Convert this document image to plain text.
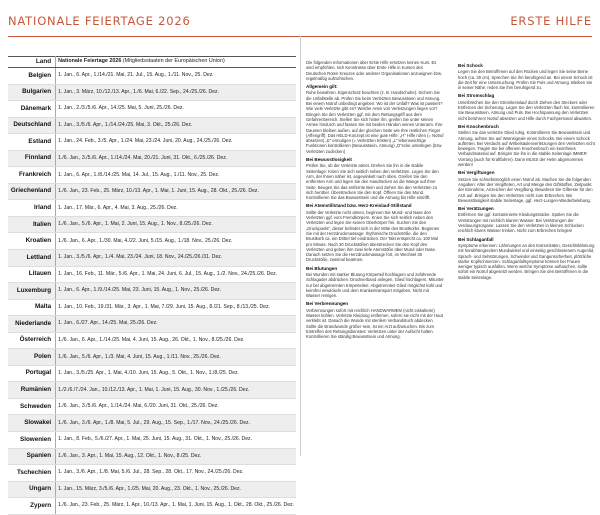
NATIONALE FEIERTAGE 2026	ERSTE HILFE
Land	Nationale Feiertage 2026 (Mitgliedsstaaten der Europäischen Union)
Belgien	1. Jan., 6. Apr., 1./14./21. Mai, 21. Jul., 15. Aug., 1./11. Nov., 25. Dez.
Bulgarien	1. Jan., 3. März, 10./12./13. Apr., 1./6. Mai, 6./22. Sep., 24./25./26. Dez.
Dänemark	1. Jan., 2./3./5./6. Apr., 14./25. Mai, 5. Juni, 25./26. Dez.
Deutschland	1. Jan., 3./5./6. Apr., 1./14./24./25. Mai, 3. Okt., 25./26. Dez.
Estland	1. Jan., 24. Feb., 3./5. Apr., 1./24. Mai, 23./24. Juni, 20. Aug., 24./25./26. Dez.
Finnland	1./6. Jan., 3./5./6. Apr., 1./14./24. Mai, 20./21. Juni, 31. Okt., 6./25./26. Dez.
Frankreich	1. Jan., 6. Apr., 1./8./14./25. Mai, 14. Jul., 15. Aug., 1./11. Nov., 25. Dez.
Griechenland	1./6. Jan., 23. Feb., 25. März, 10./13. Apr., 1. Mai, 1. Juni, 15. Aug., 28. Okt., 25./26. Dez.
Irland	1. Jan., 17. Mär., 6. Apr., 4. Mai, 3. Aug., 25./26. Dez.
Italien	1./6. Jan., 5./6. Apr., 1. Mai, 2. Juni, 15. Aug., 1. Nov., 8./25./26. Dez.
Kroatien	1./6. Jan., 6. Apr., 1./30. Mai, 4./22. Juni, 5./15. Aug., 1./18. Nov., 25./26. Dez.
Lettland	1. Jan., 3./5./6. Apr., 1./4. Mai, 23./24. Juni, 18. Nov., 24./25./26./31. Dez.
Litauen	1. Jan., 16. Feb., 11. Mär., 5./6. Apr., 1. Mai, 24. Juni, 6. Jul., 15. Aug., 1./2. Nov., 24./25./26. Dez.
Luxemburg	1. Jan., 6. Apr., 1./9./14./25. Mai, 23. Juni, 15. Aug., 1. Nov., 25./26. Dez.
Malta	1. Jan., 10. Feb., 19./31. Mär., 3. Apr., 1. Mai, 7./29. Juni, 15. Aug., 8./21. Sep., 8./13./25. Dez.
Niederlande	1. Jan., 6./27. Apr., 14./25. Mai, 25./26. Dez.
Österreich	1./6. Jan., 6. Apr., 1./14./25. Mai, 4. Juni, 15. Aug., 26. Okt., 1. Nov., 8./25./26. Dez.
Polen	1./6. Jan., 5./6. Apr., 1./3. Mai, 4. Juni, 15. Aug., 1./11. Nov., 25./26. Dez.
Portugal	1. Jan., 3./5./25. Apr., 1. Mai, 4./10. Juni, 15. Aug., 5. Okt., 1. Nov., 1./8./25. Dez.
Rumänien	1./2./6./7./24. Jan., 10./12./13. Apr., 1. Mai, 1. Juni, 15. Aug., 30. Nov., 1./25./26. Dez.
Schweden	1./6. Jan., 3./5./6. Apr., 1./14./24. Mai, 6./20. Juni, 31. Okt., 25./26. Dez.
Slowakei	1./6. Jan., 3./6. Apr., 1./8. Mai, 5. Jul., 29. Aug., 15. Sep., 1./17. Nov., 24./25./26. Dez.
Slowenien	1. Jan., 8. Feb., 5./6./27. Apr., 1. Mai, 25. Juni, 15. Aug., 31. Okt., 1. Nov., 25./26. Dez.
Spanien	1./6. Jan., 3. Apr., 1. Mai, 15. Aug., 12. Okt., 1. Nov., 8./25. Dez.
Tschechien	1. Jan., 3./6. Apr., 1./8. Mai, 5./6. Jul., 28. Sep., 28. Okt., 17. Nov., 24./25./26. Dez.
Ungarn	1. Jan., 15. März, 3./5./6. Apr., 1./25. Mai, 20. Aug., 23. Okt., 1. Nov., 25./26. Dez.
Zypern	1./6. Jan., 23. Feb., 25. März, 1. Apr., 10./13. Apr., 1. Mai, 1. Juni, 15. Aug., 1. Okt., 28. Okt., 25./26. Dez.

Die folgenden Informationen über Erste Hilfe ersetzen keinen Kurs. Es wird empfohlen, sich Kenntnisse über Erste Hilfe in Kursen des Deutschen Roten Kreuzes oder anderer Organisationen anzueignen bzw. regelmäßig aufzufrischen.

Allgemein gilt:

Ruhe bewahren. Eigenschutz beachten (z. B. Handschuhe). Sichern Sie die Unfallstelle ab. Prüfen Sie beim Verletzten Bewusstsein und Atmung. Bei einem Notruf unbedingt angeben: Wo ist der Unfall? Was ist passiert? Wie viele Verletzte gibt es? Welche Arten von Verletzungen liegen vor? Bringen Sie den Verletzten ggf. mit dem Rettungsgriff aus dem Gefahrenbereich. Stellen Sie sich hinter ihn, greifen Sie unter seinen Armen hindurch und fassen Sie mit beiden Händen seinen Unterarm. Ihre Daumen bleiben außen, auf der gleichen Seite wie Ihre restlichen Finger (Affengriff). Das HELD-Konzept ist eine gute Hilfe: „H“ Hilfe rufen (= Notruf absetzen) „E“ ermutigen (= Verletzten trösten) „L“ lebenswichtige Funktionen kontrollieren (Bewusstsein, Atmung) „D“ecke unterlegen (bzw. Verletzten zudecken)

Bei Bewusstlosigkeit

Prüfen Sie, ob der Verletzte atmet. Drehen Sie ihn in die stabile Seitenlage: Knien Sie sich seitlich neben den Verletzten. Legen Sie den Arm, der Ihnen näher ist, angewinkelt nach oben. Greifen Sie den entfernten Arm und legen Sie den Handrücken an die Wange auf Ihrer Seite. Beugen Sie das entfernte Bein und ziehen Sie den Verletzten zu sich herüber. Überstrecken Sie den Kopf. Öffnen Sie den Mund. Kontrollieren Sie das Bewusstsein und die Atmung bis Hilfe eintrifft.

Bei Atemstillstand bzw. Herz-Kreislauf-Stillstand

Sollte der Verletzte nicht atmen, beginnen Sie Mund- und Nase den Verletzten ggf. vom Fremdkörpern. Knien Sie sich seitlich neben den Verletzten und legen Sie seinen Oberkörper frei. Suchen Sie den „Druckpunkt“, dieser befindet sich in der Mitte des Brustkorbs. Beginnen Sie mit der Herzdruckmassage: rhythmische Druckstöße, die den Brustkorb ca. ein Drittel tief eindrücken. Der Takt entspricht ca. 100 Mal pro Minute. Nach 30 Druckstößen überstrecken Sie den Kopf des Verletzten und geben ihm zwei tiefe Atemstöße über Mund oder Nase. Danach setzen Sie die Herzdruckmassage fort, im Wechsel 30 Druckstöße, zweimal beatmen.

Bei Blutungen

Bei Wunden mit starker Blutung Körperteil hochlagern und zuführende Schlagader abdrücken. Druckverband anlegen. Glied hochlagern. Mitunter nur bei abgetrennten Körperteilen: Abgetrenntes Glied möglichst kühl und keimfrei einwickeln und dem Krankentransport mitgeben. Nicht mit Wasser reinigen.

Bei Verbrennungen

Verbrennungen sofort mit reichlich HANDWARMEM (nicht eiskaltem!) Wasser kühlen. Verletzte Kleidung entfernen, sofern sie nicht mit der Haut verklebt ist. Danach die Wunde mit sterilem Verbandstuch abdecken. Sollte die Brandwunde größer sein, ist ein Arzt aufzusuchen. Bis zum Eintreffen des Rettungsdienstes: Verletzten unter der Aufsicht halten. Kontrollieren Sie ständig Bewusstsein und Atmung.

Bei Schock

Legen Sie den Betroffenen auf den Rücken und legen Sie seine Beine hoch (ca. 30 cm). Sprechen Sie ihn beruhigend an. Bei einem Schock ist die Zeit für eine Untersuchung. Prüfen Sie Puls und Atmung. Bleiben Sie in seiner Nähe, reden Sie ihm beruhigend zu.

Bei Stromschlag

Unterbrechen Sie den Stromkreislauf durch Ziehen des Steckers oder Entfernen der Sicherung. Legen Sie den Verletzten flach hin, kontrollieren Sie Bewusstsein, Atmung und Puls. Bei Hochspannung den Verletzten nicht berühren! Notruf absetzen und Hilfe durch Fachpersonal abwarten.

Bei Knochenbruch

Stellen Sie das verletzte Glied ruhig. Kontrollieren Sie Bewusstsein und Atmung, achten Sie auf Warnsignale eines Schocks. Bei einem Schock auftreten. Bei Verdacht auf Wirbelsäulenverletzungen den Verletzten nicht bewegen. Tragen Sie bei offenem Knochenbruch ein keimfreies Verbandmaterial auf. Bringen Sie ihn in die stabile Seitenlage IMMER Vorrang (auch für Kraftfahrer). Dann MUSS der Helm abgenommen werden!

Bei Vergiftungen

Setzen Sie schnellstmöglich einen Notruf ab. Machen Sie die folgenden Angaben: Alter des Vergifteten, Art und Menge des Giftstoffes, Zeitpunkt der Einnahme, Anzeichen der Vergiftung. Bewahren Sie Giftreste für den Arzt auf. Bringen Sie den Verletzten nicht zum Erbrechen. Bei Bewusstlosigkeit stabile Seitenlage, ggf. Herz-Lungen-Wiederbelebung.

Bei Verätzungen

Entfernen Sie ggf. kontaminierte Kleidungsstücke. Spülen Sie die Verätzungen mit reichlich klarem Wasser. Bei Verätzungen der Verdauungsorgane: Lassen Sie den Verletzten in kleinen Schlucken reichlich klares Wasser trinken. Nicht zum Erbrechen bringen!

Bei Schlaganfall

Symptome erkennen: Lähmungen an den Extremitäten, Gesichtslähmung mit herabhängendem Mundwinkel und einseitig geschlossenem Augenlid, Sprach- und Sehstörungen, Schwindel und Gangunsicherheit, plötzliche starke Kopfschmerzen. Schlaganfallsymptome können bei Frauen weniger typisch ausfallen. Wenn welche Symptome auftauchen, sollte sofort ein Notruf abgesetzt werden. Bringen Sie den Betroffenen in die stabile Seitenlage.
